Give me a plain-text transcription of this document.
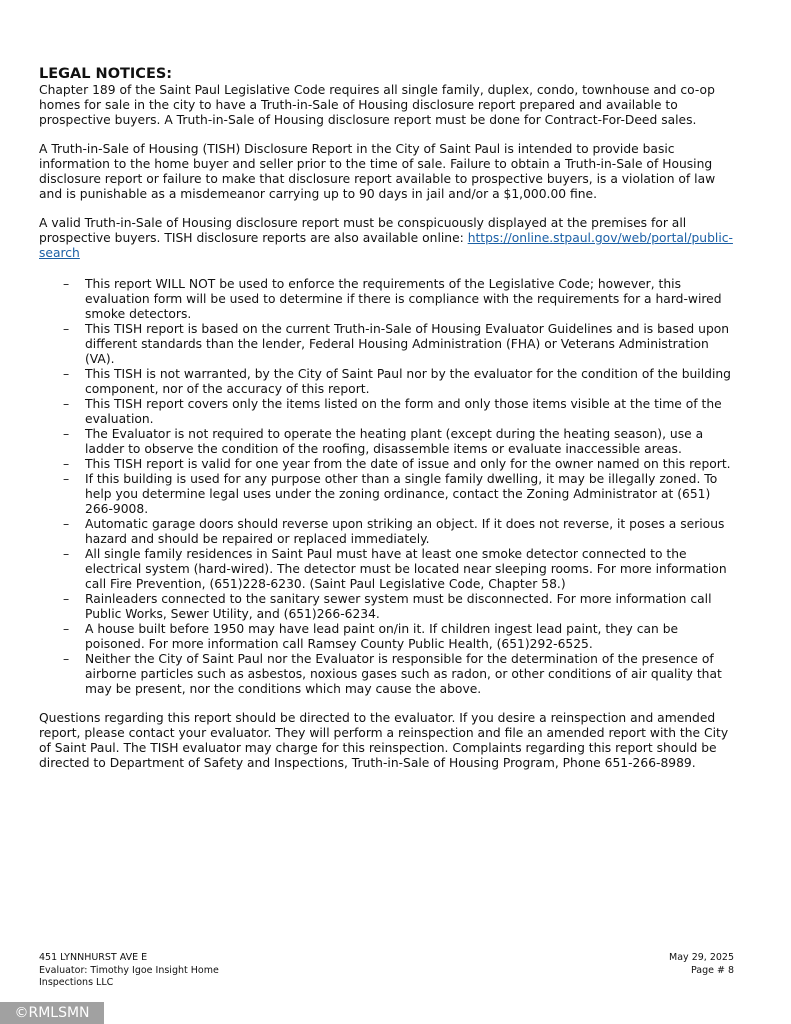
LEGAL NOTICES:

Chapter 189 of the Saint Paul Legislative Code requires all single family, duplex, condo, townhouse and co-op homes for sale in the city to have a Truth-in-Sale of Housing disclosure report prepared and available to prospective buyers. A Truth-in-Sale of Housing disclosure report must be done for Contract-For-Deed sales.

A Truth-in-Sale of Housing (TISH) Disclosure Report in the City of Saint Paul is intended to provide basic information to the home buyer and seller prior to the time of sale. Failure to obtain a Truth-in-Sale of Housing disclosure report or failure to make that disclosure report available to prospective buyers, is a violation of law and is punishable as a misdemeanor carrying up to 90 days in jail and/or a $1,000.00 fine.

A valid Truth-in-Sale of Housing disclosure report must be conspicuously displayed at the premises for all prospective buyers. TISH disclosure reports are also available online: https://online.stpaul.gov/web/portal/public-search

– This report WILL NOT be used to enforce the requirements of the Legislative Code; however, this evaluation form will be used to determine if there is compliance with the requirements for a hard-wired smoke detectors.
– This TISH report is based on the current Truth-in-Sale of Housing Evaluator Guidelines and is based upon different standards than the lender, Federal Housing Administration (FHA) or Veterans Administration (VA).
– This TISH is not warranted, by the City of Saint Paul nor by the evaluator for the condition of the building component, nor of the accuracy of this report.
– This TISH report covers only the items listed on the form and only those items visible at the time of the evaluation.
– The Evaluator is not required to operate the heating plant (except during the heating season), use a ladder to observe the condition of the roofing, disassemble items or evaluate inaccessible areas.
– This TISH report is valid for one year from the date of issue and only for the owner named on this report.
– If this building is used for any purpose other than a single family dwelling, it may be illegally zoned. To help you determine legal uses under the zoning ordinance, contact the Zoning Administrator at (651) 266-9008.
– Automatic garage doors should reverse upon striking an object. If it does not reverse, it poses a serious hazard and should be repaired or replaced immediately.
– All single family residences in Saint Paul must have at least one smoke detector connected to the electrical system (hard-wired). The detector must be located near sleeping rooms. For more information call Fire Prevention, (651)228-6230. (Saint Paul Legislative Code, Chapter 58.)
– Rainleaders connected to the sanitary sewer system must be disconnected. For more information call Public Works, Sewer Utility, and (651)266-6234.
– A house built before 1950 may have lead paint on/in it. If children ingest lead paint, they can be poisoned. For more information call Ramsey County Public Health, (651)292-6525.
– Neither the City of Saint Paul nor the Evaluator is responsible for the determination of the presence of airborne particles such as asbestos, noxious gases such as radon, or other conditions of air quality that may be present, nor the conditions which may cause the above.

Questions regarding this report should be directed to the evaluator. If you desire a reinspection and amended report, please contact your evaluator. They will perform a reinspection and file an amended report with the City of Saint Paul. The TISH evaluator may charge for this reinspection. Complaints regarding this report should be directed to Department of Safety and Inspections, Truth-in-Sale of Housing Program, Phone 651-266-8989.

451 LYNNHURST AVE E
Evaluator: Timothy Igoe Insight Home Inspections LLC
May 29, 2025
Page # 8
©RMLSMN
